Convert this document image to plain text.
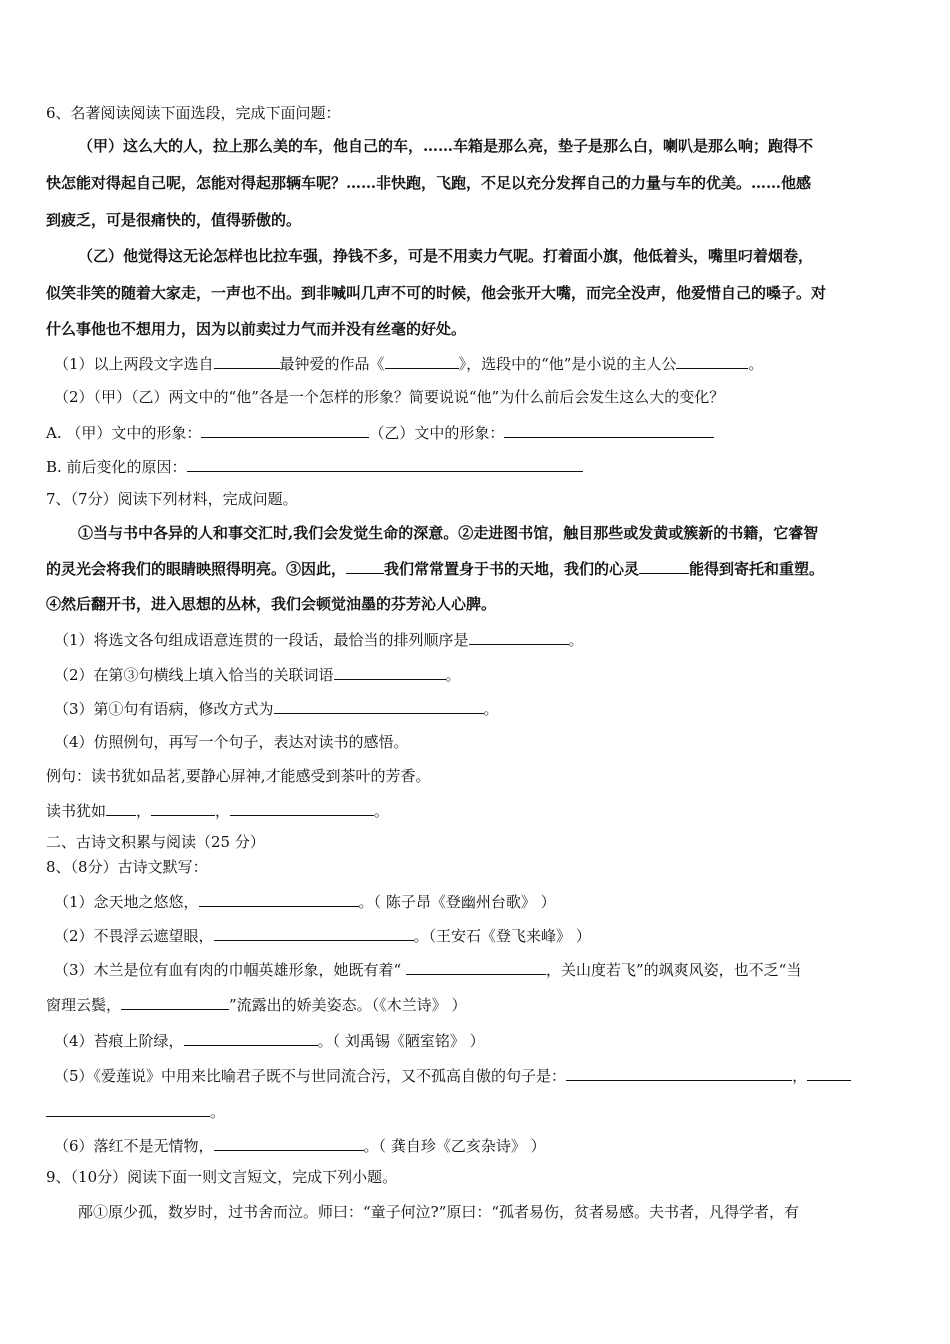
6、名著阅读阅读下面选段，完成下面问题：
（甲）这么大的人，拉上那么美的车，他自己的车，……车箱是那么亮，垫子是那么白，喇叭是那么响；跑得不
快怎能对得起自己呢，怎能对得起那辆车呢？……非快跑，飞跑，不足以充分发挥自己的力量与车的优美。……他感
到疲乏，可是很痛快的，值得骄傲的。
（乙）他觉得这无论怎样也比拉车强，挣钱不多，可是不用卖力气呢。打着面小旗，他低着头，嘴里叼着烟卷，
似笑非笑的随着大家走，一声也不出。到非喊叫几声不可的时候，他会张开大嘴，而完全没声，他爱惜自己的嗓子。对
什么事他也不想用力，因为以前卖过力气而并没有丝毫的好处。
（1）以上两段文字选自	最钟爱的作品《	》，选段中的“他”是小说的主人公	。
（2）（甲）（乙）两文中的“他”各是一个怎样的形象？简要说说“他”为什么前后会发生这么大的变化？
A. （甲）文中的形象：	（乙）文中的形象：
B. 前后变化的原因：
7、（7分）阅读下列材料，完成问题。
①当与书中各异的人和事交汇时,我们会发觉生命的深意。②走进图书馆，触目那些或发黄或簇新的书籍，它睿智
的灵光会将我们的眼睛映照得明亮。③因此，	我们常常置身于书的天地，我们的心灵	能得到寄托和重塑。
④然后翻开书，进入思想的丛林，我们会顿觉油墨的芬芳沁人心脾。
（1）将选文各句组成语意连贯的一段话，最恰当的排列顺序是	。
（2）在第③句横线上填入恰当的关联词语	。
（3）第①句有语病，修改方式为	。
（4）仿照例句，再写一个句子，表达对读书的感悟。
例句：读书犹如品茗,要静心屏神,才能感受到茶叶的芳香。
读书犹如 ，	，	。
二、古诗文积累与阅读（25 分）
8、（8分）古诗文默写：
（1）念天地之悠悠，	。（ 陈子昂《登幽州台歌》 ）
（2）不畏浮云遮望眼，	。（王安石《登飞来峰》 ）
（3）木兰是位有血有肉的巾帼英雄形象，她既有着“	，关山度若飞”的飒爽风姿，也不乏“当
窗理云鬓，	”流露出的娇美姿态。（《木兰诗》 ）
（4）苔痕上阶绿，	。（ 刘禹锡《陋室铭》 ）
（5）《爱莲说》中用来比喻君子既不与世同流合污，又不孤高自傲的句子是：	，
。
（6）落红不是无情物，	。（ 龚自珍《乙亥杂诗》 ）
9、（10分）阅读下面一则文言短文，完成下列小题。
邴①原少孤，数岁时，过书舍而泣。师曰：“童子何泣?”原曰：“孤者易伤，贫者易感。夫书者，凡得学者，有
